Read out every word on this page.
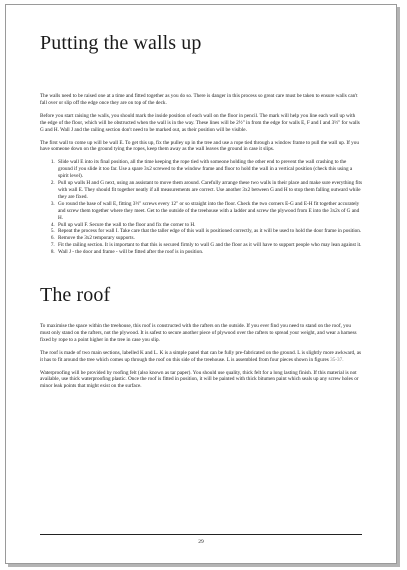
Putting the walls up

The walls need to be raised one at a time and fitted together as you do so. There is danger in this process so great care must be taken to ensure walls can't fall over or slip off the edge once they are on top of the deck.

Before you start raising the walls, you should mark the inside position of each wall on the floor in pencil. The mark will help you line each wall up with the edge of the floor, which will be obstructed when the wall is in the way. These lines will be 2½" in from the edge for walls E, F and I and 3½" for walls G and H. Wall J and the railing section don't need to be marked out, as their position will be visible.

The first wall to come up will be wall E. To get this up, fix the pulley up in the tree and use a rope tied through a window frame to pull the wall up. If you have someone down on the ground tying the ropes, keep them away as the wall leaves the ground in case it slips.

1. Slide wall E into its final position, all the time keeping the rope tied with someone holding the other end to prevent the wall crashing to the ground if you slide it too far. Use a spare 3x2 screwed to the window frame and floor to hold the wall in a vertical position (check this using a spirit level).
2. Pull up walls H and G next, using an assistant to move them around. Carefully arrange these two walls in their place and make sure everything fits with wall E. They should fit together neatly if all measurements are correct. Use another 3x2 between G and H to stop them falling outward while they are fixed.
3. Go round the base of wall E, fitting 3½" screws every 12" or so straight into the floor. Check the two corners E-G and E-H fit together accurately and screw them together where they meet. Get to the outside of the treehouse with a ladder and screw the plywood from E into the 3x2s of G and H.
4. Pull up wall F. Secure the wall to the floor and fix the corner to H.
5. Repeat the process for wall I. Take care that the taller edge of this wall is positioned correctly, as it will be used to hold the door frame in position.
6. Remove the 3x2 temporary supports.
7. Fit the railing section. It is important to that this is secured firmly to wall G and the floor as it will have to support people who may lean against it.
8. Wall J - the door and frame - will be fitted after the roof is in position.
The roof

To maximise the space within the treehouse, this roof is constructed with the rafters on the outside. If you ever find you need to stand on the roof, you must only stand on the rafters, not the plywood. It is safest to secure another piece of plywood over the rafters to spread your weight, and wear a harness fixed by rope to a point higher in the tree in case you slip.

The roof is made of two main sections, labelled K and L. K is a simple panel that can be fully pre-fabricated on the ground. L is slightly more awkward, as it has to fit around the tree which comes up through the roof on this side of the treehouse. L is assembled from four pieces shown in figures 35-37.

Waterproofing will be provided by roofing felt (also known as tar paper). You should use quality, thick felt for a long lasting finish. If this material is not available, use thick waterproofing plastic. Once the roof is fitted in position, it will be painted with thick bitumen paint which seals up any screw holes or minor leak points that might exist on the surface.

29
